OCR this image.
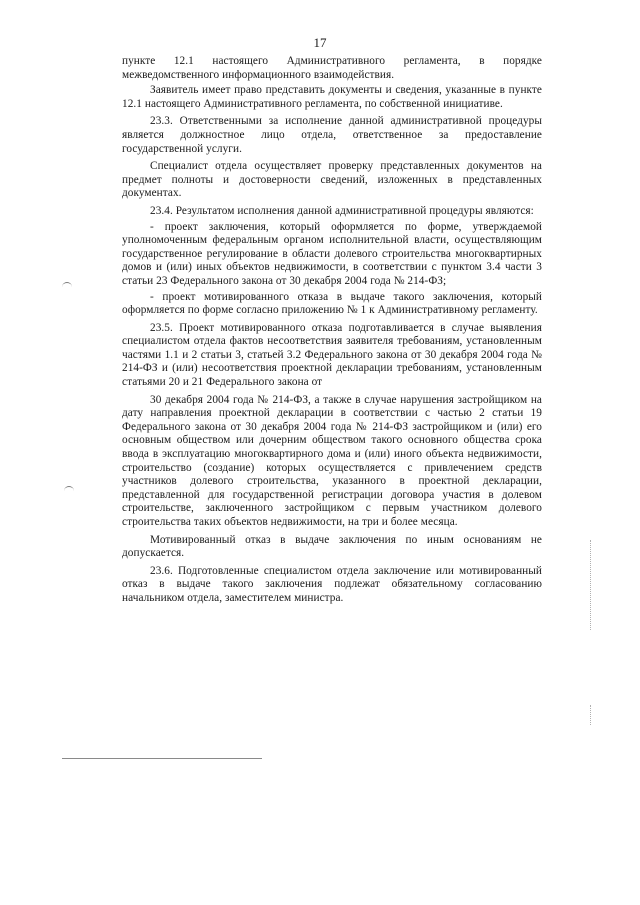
17

пункте 12.1 настоящего Административного регламента, в порядке межведомственного информационного взаимодействия.

Заявитель имеет право представить документы и сведения, указанные в пункте 12.1 настоящего Административного регламента, по собственной инициативе.

23.3. Ответственными за исполнение данной административной процедуры является должностное лицо отдела, ответственное за предоставление государственной услуги.

Специалист отдела осуществляет проверку представленных документов на предмет полноты и достоверности сведений, изложенных в представленных документах.

23.4. Результатом исполнения данной административной процедуры являются:

- проект заключения, который оформляется по форме, утверждаемой уполномоченным федеральным органом исполнительной власти, осуществляющим государственное регулирование в области долевого строительства многоквартирных домов и (или) иных объектов недвижимости, в соответствии с пунктом 3.4 части 3 статьи 23 Федерального закона от 30 декабря 2004 года № 214-ФЗ;

- проект мотивированного отказа в выдаче такого заключения, который оформляется по форме согласно приложению № 1 к Административному регламенту.

23.5. Проект мотивированного отказа подготавливается в случае выявления специалистом отдела фактов несоответствия заявителя требованиям, установленным частями 1.1 и 2 статьи 3, статьей 3.2 Федерального закона от 30 декабря 2004 года № 214-ФЗ и (или) несоответствия проектной декларации требованиям, установленным статьями 20 и 21 Федерального закона от

30 декабря 2004 года № 214-ФЗ, а также в случае нарушения застройщиком на дату направления проектной декларации в соответствии с частью 2 статьи 19 Федерального закона от 30 декабря 2004 года № 214-ФЗ застройщиком и (или) его основным обществом или дочерним обществом такого основного общества срока ввода в эксплуатацию многоквартирного дома и (или) иного объекта недвижимости, строительство (создание) которых осуществляется с привлечением средств участников долевого строительства, указанного в проектной декларации, представленной для государственной регистрации договора участия в долевом строительстве, заключенного застройщиком с первым участником долевого строительства таких объектов недвижимости, на три и более месяца.

Мотивированный отказ в выдаче заключения по иным основаниям не допускается.

23.6. Подготовленные специалистом отдела заключение или мотивированный отказ в выдаче такого заключения подлежат обязательному согласованию начальником отдела, заместителем министра.
